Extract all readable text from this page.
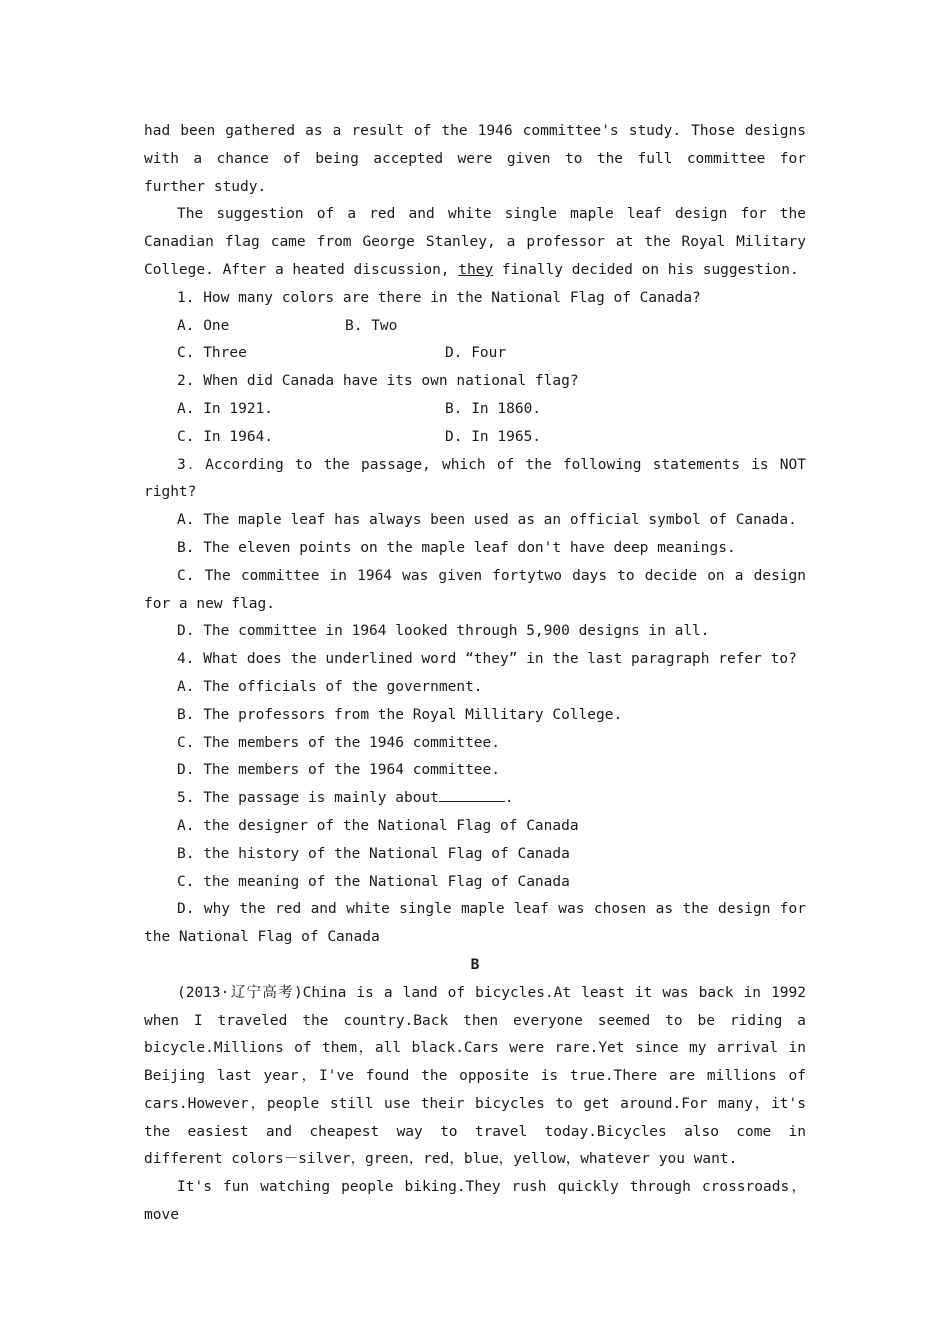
had been gathered as a result of the 1946 committee's study. Those designs with a chance of being accepted were given to the full committee for further study.

The suggestion of a red and white single maple leaf design for the Canadian flag came from George Stanley, a professor at the Royal Military College. After a heated discussion, they finally decided on his suggestion.

1. How many colors are there in the National Flag of Canada?

A. One	B. Two
C. Three	D. Four

2. When did Canada have its own national flag?

A. In 1921.	B. In 1860.
C. In 1964.	D. In 1965.

3．According to the passage, which of the following statements is NOT right?

A. The maple leaf has always been used as an official symbol of Canada.

B. The eleven points on the maple leaf don't have deep meanings.

C. The committee in 1964 was given fortytwo days to decide on a design for a new flag.

D. The committee in 1964 looked through 5,900 designs in all.

4. What does the underlined word “they” in the last paragraph refer to?

A. The officials of the government.

B. The professors from the Royal Millitary College.

C. The members of the 1946 committee.

D. The members of the 1964 committee.

5. The passage is mainly about	.

A. the designer of the National Flag of Canada

B. the history of the National Flag of Canada

C. the meaning of the National Flag of Canada

D. why the red and white single maple leaf was chosen as the design for the National Flag of Canada

B

(2013·辽宁高考)China is a land of bicycles.At least it was back in 1992 when I traveled the country.Back then everyone seemed to be riding a bicycle.Millions of them，all black.Cars were rare.Yet since my arrival in Beijing last year，I've found the opposite is true.There are millions of cars.However，people still use their bicycles to get around.For many，it's the easiest and cheapest way to travel today.Bicycles also come in different colors－silver，green，red，blue，yellow，whatever you want.

It's fun watching people biking.They rush quickly through crossroads，move
